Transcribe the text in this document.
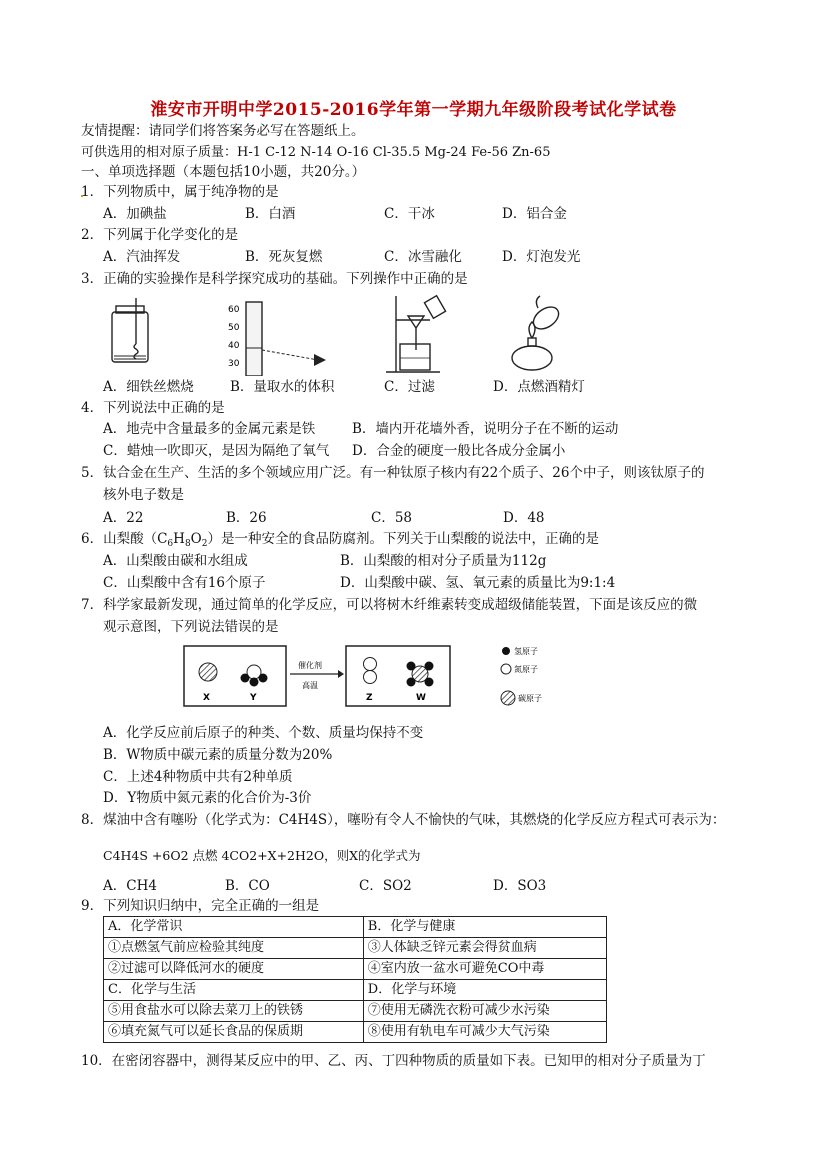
淮安市开明中学2015-2016学年第一学期九年级阶段考试化学试卷
友情提醒：请同学们将答案务必写在答题纸上。
可供选用的相对原子质量：H-1 C-12 N-14 O-16 Cl-35.5 Mg-24 Fe-56 Zn-65
一、单项选择题（本题包括10小题，共20分。）
1．下列物质中，属于纯净物的是
A．加碘盐	B．白酒	C．干冰	D．铝合金
2．下列属于化学变化的是
A．汽油挥发	B．死灰复燃	C．冰雪融化	D．灯泡发光
3．正确的实验操作是科学探究成功的基础。下列操作中正确的是
60
50
40
30
A．细铁丝燃烧	B．量取水的体积	C．过滤	D．点燃酒精灯
4．下列说法中正确的是
A．地壳中含量最多的金属元素是铁	B．墙内开花墙外香，说明分子在不断的运动
C．蜡烛一吹即灭，是因为隔绝了氧气 D．合金的硬度一般比各成分金属小
5．钛合金在生产、生活的多个领域应用广泛。有一种钛原子核内有22个质子、26个中子，则该钛原子的
核外电子数是
A．22	B．26	C．58	D．48
6．山梨酸$(C_6H_8O_2)$是一种安全的食品防腐剂。下列关于山梨酸的说法中，正确的是
A．山梨酸由碳和水组成	B．山梨酸的相对分子质量为112g
C．山梨酸中含有16个原子	D．山梨酸中碳、氢、氧元素的质量比为9:1:4
7．科学家最新发现，通过简单的化学反应，可以将树木纤维素转变成超级储能装置，下面是该反应的微
观示意图，下列说法错误的是
X	Y
催化剂
高温
Z	W
氢原子
氮原子
碳原子
A．化学反应前后原子的种类、个数、质量均保持不变
B．W物质中碳元素的质量分数为20%
C．上述4种物质中共有2种单质
D．Y物质中氮元素的化合价为-3价
8．煤油中含有噻吩（化学式为：C4H4S），噻吩有令人不愉快的气味，其燃烧的化学反应方程式可表示为：
C4H4S +6O2 点燃 4CO2+X+2H2O，则X的化学式为
A．CH4	B．CO	C．SO2	D．SO3
9．下列知识归纳中，完全正确的一组是
A．化学常识	B．化学与健康
①点燃氢气前应检验其纯度	③人体缺乏锌元素会得贫血病
②过滤可以降低河水的硬度	④室内放一盆水可避免CO中毒
C．化学与生活	D．化学与环境
⑤用食盐水可以除去菜刀上的铁锈	⑦使用无磷洗衣粉可减少水污染
⑥填充氮气可以延长食品的保质期	⑧使用有轨电车可减少大气污染
10．在密闭容器中，测得某反应中的甲、乙、丙、丁四种物质的质量如下表。已知甲的相对分子质量为丁
